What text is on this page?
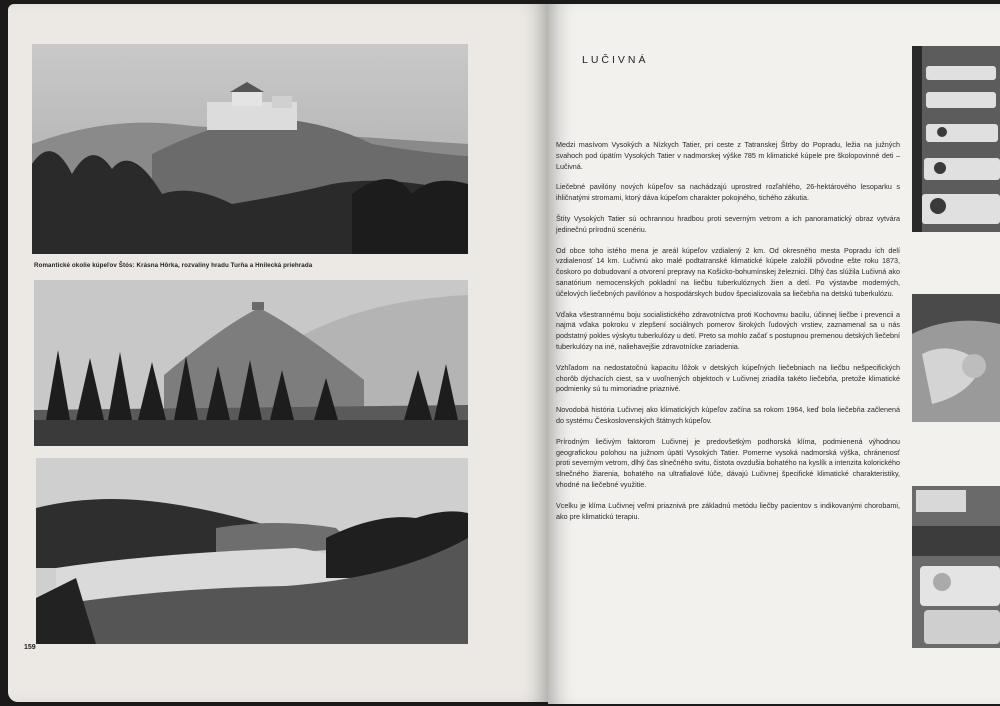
Romantické okolie kúpeľov Štós: Krásna Hôrka, rozvaliny hradu Turňa a Hnilecká priehrada
159
LUČIVNÁ

Medzi masívom Vysokých a Nízkych Tatier, pri ceste z Tatranskej Štrby do Popradu, ležia na južných svahoch pod úpätím Vysokých Tatier v nadmorskej výške 785 m klimatické kúpele pre školopovinné deti – Lučivná.

Liečebné pavilóny nových kúpeľov sa nachádzajú uprostred rozľahlého, 26-hektárového lesoparku s ihličnatými stromami, ktorý dáva kúpeľom charakter pokojného, tichého zákutia.

Štíty Vysokých Tatier sú ochrannou hradbou proti severným vetrom a ich panoramatický obraz vytvára jedinečnú prírodnú scenériu.

Od obce toho istého mena je areál kúpeľov vzdialený 2 km. Od okresného mesta Popradu ich delí vzdialenosť 14 km. Lučivnú ako malé podtatranské klimatické kúpele založili pôvodne ešte roku 1873, čoskoro po dobudovaní a otvorení prepravy na Košicko-bohumínskej železnici. Dlhý čas slúžila Lučivná ako sanatórium nemocenských pokladní na liečbu tuberkulóznych žien a detí. Po výstavbe moderných, účelových liečebných pavilónov a hospodárskych budov špecializovala sa liečebňa na detskú tuberkulózu.

Vďaka všestrannému boju socialistického zdravotníctva proti Kochovmu bacilu, účinnej liečbe i prevencii a najmä vďaka pokroku v zlepšení sociálnych pomerov širokých ľudových vrstiev, zaznamenal sa u nás podstatný pokles výskytu tuberkulózy u detí. Preto sa mohlo začať s postupnou premenou detských liečební tuberkulózy na iné, naliehavejšie zdravotnícke zariadenia.

Vzhľadom na nedostatočnú kapacitu lôžok v detských kúpeľných liečebniach na liečbu nešpecifických chorôb dýchacích ciest, sa v uvoľnených objektoch v Lučivnej zriadila takéto liečebňa, pretože klimatické podmienky sú tu mimoriadne priaznivé.

Novodobá história Lučivnej ako klimatických kúpeľov začína sa rokom 1964, keď bola liečebňa začlenená do systému Československých štátnych kúpeľov.

Prírodným liečivým faktorom Lučivnej je predovšetkým podhorská klíma, podmienená výhodnou geografickou polohou na južnom úpätí Vysokých Tatier. Pomerne vysoká nadmorská výška, chránenosť proti severným vetrom, dlhý čas slnečného svitu, čistota ovzdušia bohatého na kyslík a intenzita kolorického slnečného žiarenia, bohatého na ultrafialové lúče, dávajú Lučivnej špecifické klimatické charakteristiky, vhodné na liečebné využitie.

Vcelku je klíma Lučivnej veľmi priaznivá pre základnú metódu liečby pacientov s indikovanými chorobami, ako pre klimatickú terapiu.
